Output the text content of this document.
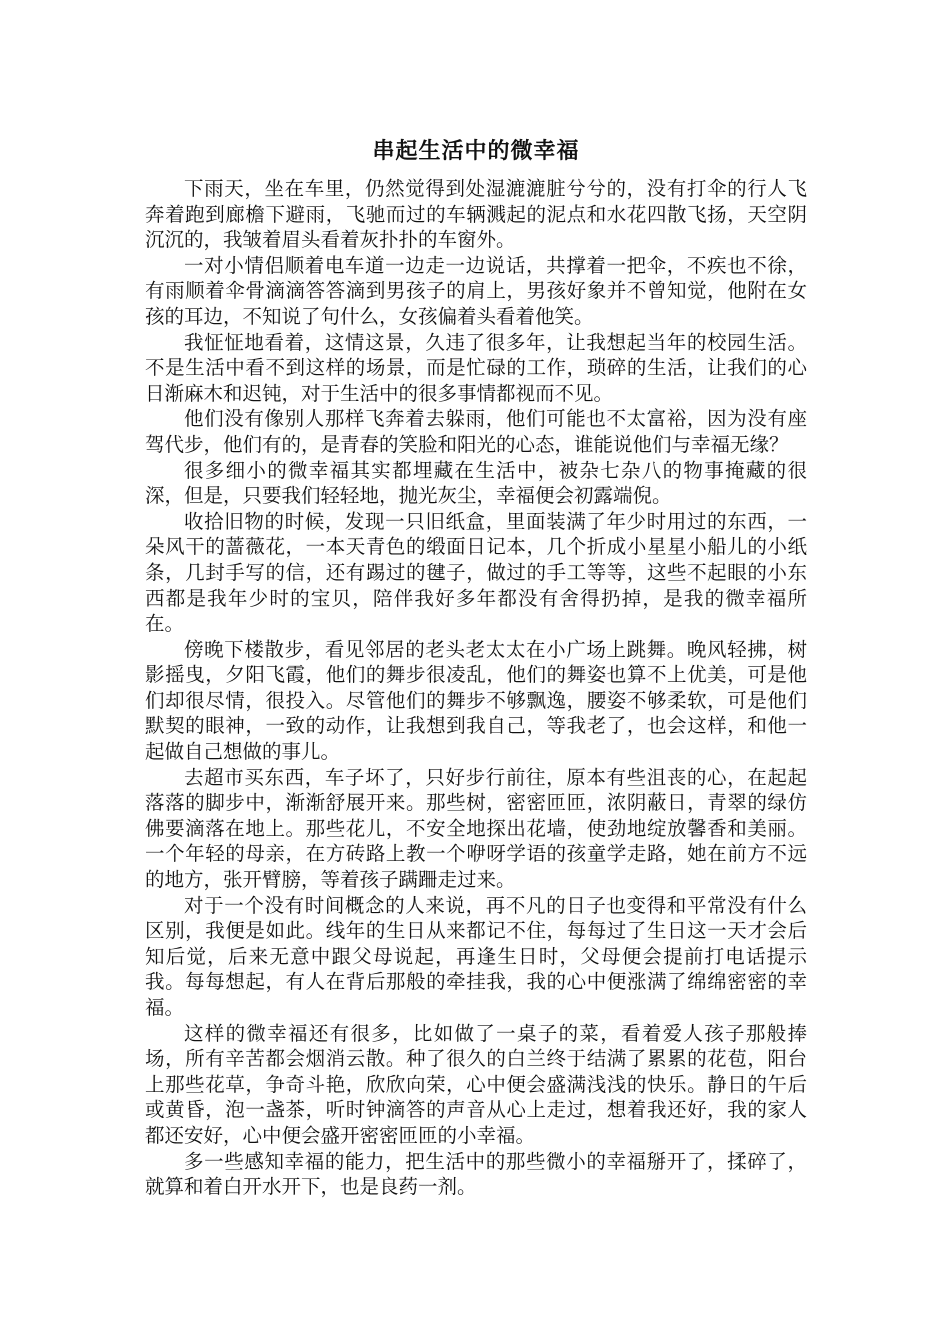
串起生活中的微幸福

下雨天，坐在车里，仍然觉得到处湿漉漉脏兮兮的，没有打伞的行人飞奔着跑到廊檐下避雨，飞驰而过的车辆溅起的泥点和水花四散飞扬，天空阴沉沉的，我皱着眉头看着灰扑扑的车窗外。

一对小情侣顺着电车道一边走一边说话，共撑着一把伞，不疾也不徐，有雨顺着伞骨滴滴答答滴到男孩子的肩上，男孩好象并不曾知觉，他附在女孩的耳边，不知说了句什么，女孩偏着头看着他笑。

我怔怔地看着，这情这景，久违了很多年，让我想起当年的校园生活。不是生活中看不到这样的场景，而是忙碌的工作，琐碎的生活，让我们的心日渐麻木和迟钝，对于生活中的很多事情都视而不见。

他们没有像别人那样飞奔着去躲雨，他们可能也不太富裕，因为没有座驾代步，他们有的，是青春的笑脸和阳光的心态，谁能说他们与幸福无缘？

很多细小的微幸福其实都埋藏在生活中，被杂七杂八的物事掩藏的很深，但是，只要我们轻轻地，抛光灰尘，幸福便会初露端倪。

收拾旧物的时候，发现一只旧纸盒，里面装满了年少时用过的东西，一朵风干的蔷薇花，一本天青色的缎面日记本，几个折成小星星小船儿的小纸条，几封手写的信，还有踢过的毽子，做过的手工等等，这些不起眼的小东西都是我年少时的宝贝，陪伴我好多年都没有舍得扔掉，是我的微幸福所在。

傍晚下楼散步，看见邻居的老头老太太在小广场上跳舞。晚风轻拂，树影摇曳，夕阳飞霞，他们的舞步很凌乱，他们的舞姿也算不上优美，可是他们却很尽情，很投入。尽管他们的舞步不够飘逸，腰姿不够柔软，可是他们默契的眼神，一致的动作，让我想到我自己，等我老了，也会这样，和他一起做自己想做的事儿。

去超市买东西，车子坏了，只好步行前往，原本有些沮丧的心，在起起落落的脚步中，渐渐舒展开来。那些树，密密匝匝，浓阴蔽日，青翠的绿仿佛要滴落在地上。那些花儿，不安全地探出花墙，使劲地绽放馨香和美丽。一个年轻的母亲，在方砖路上教一个咿呀学语的孩童学走路，她在前方不远的地方，张开臂膀，等着孩子蹒跚走过来。

对于一个没有时间概念的人来说，再不凡的日子也变得和平常没有什么区别，我便是如此。线年的生日从来都记不住，每每过了生日这一天才会后知后觉，后来无意中跟父母说起，再逢生日时，父母便会提前打电话提示我。每每想起，有人在背后那般的牵挂我，我的心中便涨满了绵绵密密的幸福。

这样的微幸福还有很多，比如做了一桌子的菜，看着爱人孩子那般捧场，所有辛苦都会烟消云散。种了很久的白兰终于结满了累累的花苞，阳台上那些花草，争奇斗艳，欣欣向荣，心中便会盛满浅浅的快乐。静日的午后或黄昏，泡一盏茶，听时钟滴答的声音从心上走过，想着我还好，我的家人都还安好，心中便会盛开密密匝匝的小幸福。

多一些感知幸福的能力，把生活中的那些微小的幸福掰开了，揉碎了，就算和着白开水开下，也是良药一剂。
